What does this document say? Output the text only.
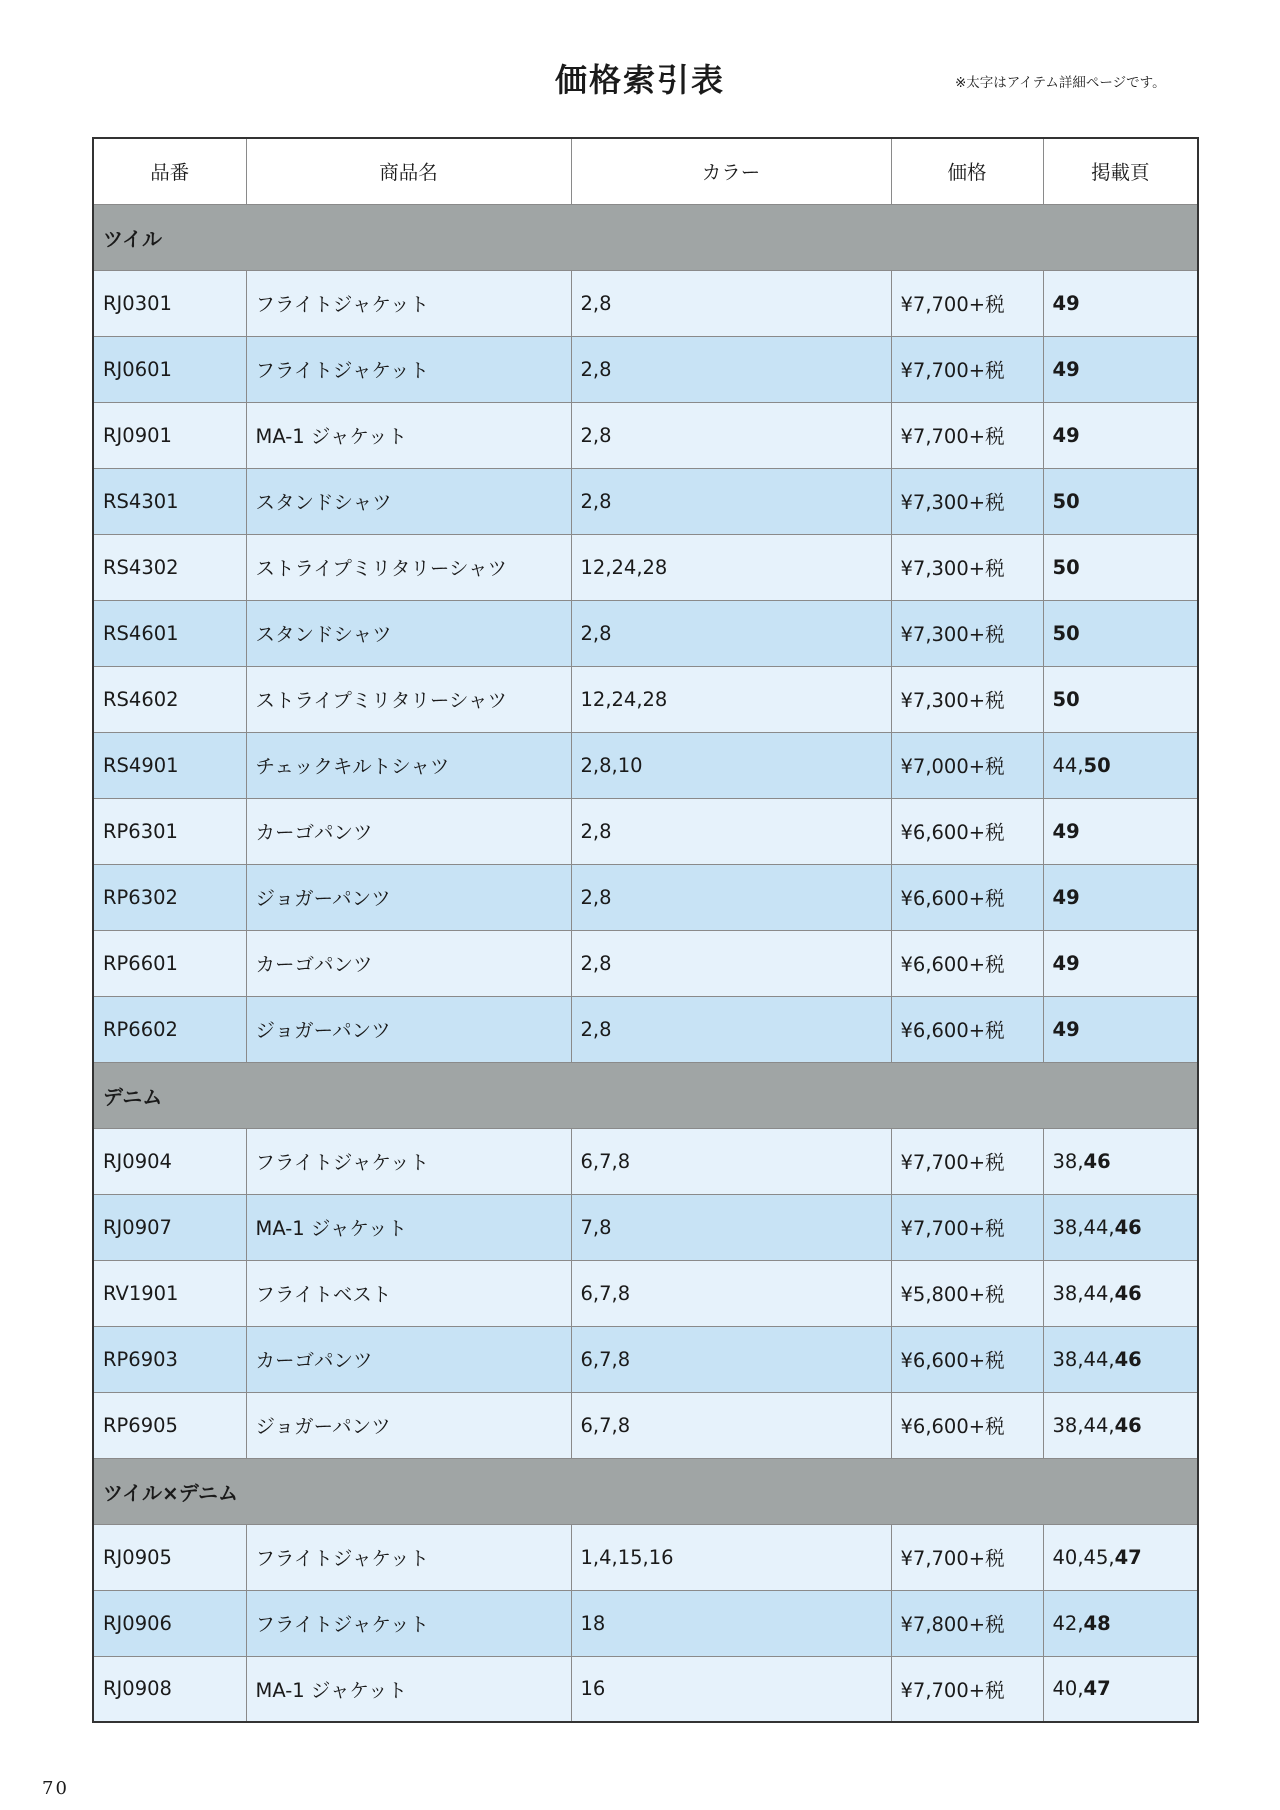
価格索引表	※太字はアイテム詳細ページです。
品番	商品名	カラー	価格	掲載頁
ツイル				
RJ0301	フライトジャケット	2,8	¥7,700+税	49
RJ0601	フライトジャケット	2,8	¥7,700+税	49
RJ0901	MA-1 ジャケット	2,8	¥7,700+税	49
RS4301	スタンドシャツ	2,8	¥7,300+税	50
RS4302	ストライプミリタリーシャツ	12,24,28	¥7,300+税	50
RS4601	スタンドシャツ	2,8	¥7,300+税	50
RS4602	ストライプミリタリーシャツ	12,24,28	¥7,300+税	50
RS4901	チェックキルトシャツ	2,8,10	¥7,000+税	44,50
RP6301	カーゴパンツ	2,8	¥6,600+税	49
RP6302	ジョガーパンツ	2,8	¥6,600+税	49
RP6601	カーゴパンツ	2,8	¥6,600+税	49
RP6602	ジョガーパンツ	2,8	¥6,600+税	49
デニム				
RJ0904	フライトジャケット	6,7,8	¥7,700+税	38,46
RJ0907	MA-1 ジャケット	7,8	¥7,700+税	38,44,46
RV1901	フライトベスト	6,7,8	¥5,800+税	38,44,46
RP6903	カーゴパンツ	6,7,8	¥6,600+税	38,44,46
RP6905	ジョガーパンツ	6,7,8	¥6,600+税	38,44,46
ツイル×デニム				
RJ0905	フライトジャケット	1,4,15,16	¥7,700+税	40,45,47
RJ0906	フライトジャケット	18	¥7,800+税	42,48
RJ0908	MA-1 ジャケット	16	¥7,700+税	40,47
70
